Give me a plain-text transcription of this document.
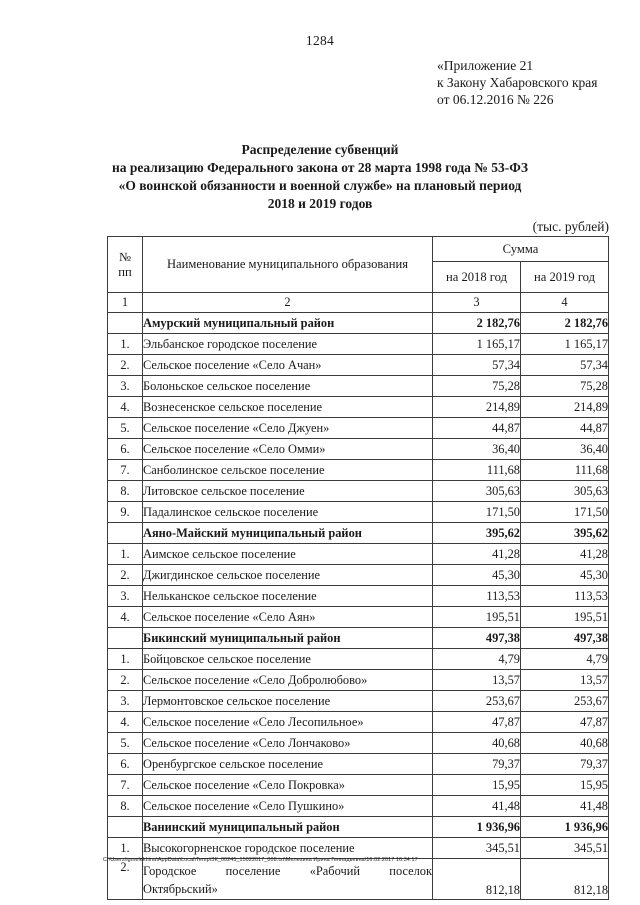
1284
«Приложение 21
к Закону Хабаровского края
от 06.12.2016 № 226
Распределение субвенций
на реализацию Федерального закона от 28 марта 1998 года № 53-ФЗ
«О воинской обязанности и военной службе» на плановый период
2018 и 2019 годов
(тыс. рублей)
№
пп	Наименование муниципального образования	Сумма	
		на 2018 год	на 2019 год
1	2	3	4
	Амурский муниципальный район	2 182,76	2 182,76
1.	Эльбанское городское поселение	1 165,17	1 165,17
2.	Сельское поселение «Село Ачан»	57,34	57,34
3.	Болоньское сельское поселение	75,28	75,28
4.	Вознесенское сельское поселение	214,89	214,89
5.	Сельское поселение «Село Джуен»	44,87	44,87
6.	Сельское поселение «Село Омми»	36,40	36,40
7.	Санболинское сельское поселение	111,68	111,68
8.	Литовское сельское поселение	305,63	305,63
9.	Падалинское сельское поселение	171,50	171,50
	Аяно-Майский муниципальный район	395,62	395,62
1.	Аимское сельское поселение	41,28	41,28
2.	Джигдинское сельское поселение	45,30	45,30
3.	Нельканское сельское поселение	113,53	113,53
4.	Сельское поселение «Село Аян»	195,51	195,51
	Бикинский муниципальный район	497,38	497,38
1.	Бойцовское сельское поселение	4,79	4,79
2.	Сельское поселение «Село Добролюбово»	13,57	13,57
3.	Лермонтовское сельское поселение	253,67	253,67
4.	Сельское поселение «Село Лесопильное»	47,87	47,87
5.	Сельское поселение «Село Лончаково»	40,68	40,68
6.	Оренбургское сельское поселение	79,37	79,37
7.	Сельское поселение «Село Покровка»	15,95	15,95
8.	Сельское поселение «Село Пушкино»	41,48	41,48
	Ванинский муниципальный район	1 936,96	1 936,96
1.	Высокогорненское городское поселение	345,51	345,51
2.	Городское поселение «Рабочий поселок
Октябрьский»	812,18	812,18
C:\Users\igmelekhina\AppData\Local\Temp\ЗК_00245_15022017_008.txt\Мелехина Ирина Геннадьевна\16.02.2017 16:34:17
